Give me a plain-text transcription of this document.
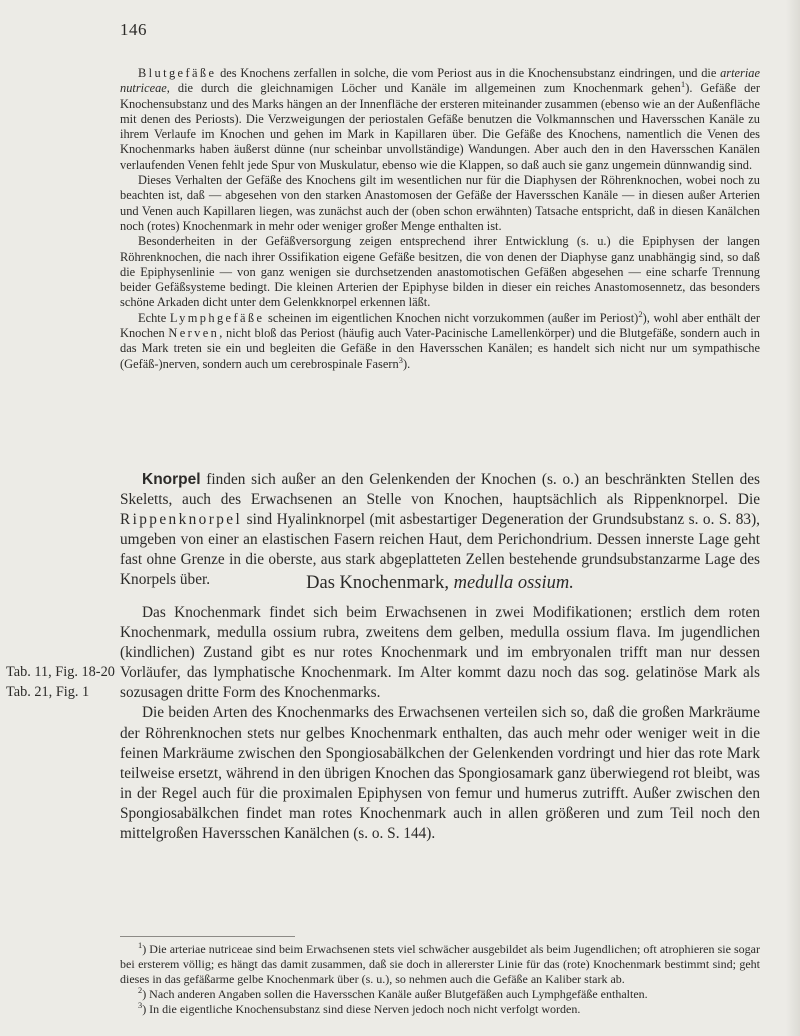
146

Blutgefäße des Knochens zerfallen in solche, die vom Periost aus in die Knochensubstanz eindringen, und die arteriae nutriceae, die durch die gleichnamigen Löcher und Kanäle im allgemeinen zum Knochenmark gehen$^1$). Gefäße der Knochensubstanz und des Marks hängen an der Innenfläche der ersteren miteinander zusammen (ebenso wie an der Außenfläche mit denen des Periosts). Die Verzweigungen der periostalen Gefäße benutzen die Volkmannschen und Haversschen Kanäle zu ihrem Verlaufe im Knochen und gehen im Mark in Kapillaren über. Die Gefäße des Knochens, namentlich die Venen des Knochenmarks haben äußerst dünne (nur scheinbar unvollständige) Wandungen. Aber auch den in den Haversschen Kanälen verlaufenden Venen fehlt jede Spur von Muskulatur, ebenso wie die Klappen, so daß auch sie ganz ungemein dünnwandig sind.

Dieses Verhalten der Gefäße des Knochens gilt im wesentlichen nur für die Diaphysen der Röhrenknochen, wobei noch zu beachten ist, daß — abgesehen von den starken Anastomosen der Gefäße der Haversschen Kanäle — in diesen außer Arterien und Venen auch Kapillaren liegen, was zunächst auch der (oben schon erwähnten) Tatsache entspricht, daß in diesen Kanälchen noch (rotes) Knochenmark in mehr oder weniger großer Menge enthalten ist.

Besonderheiten in der Gefäßversorgung zeigen entsprechend ihrer Entwicklung (s. u.) die Epiphysen der langen Röhrenknochen, die nach ihrer Ossifikation eigene Gefäße besitzen, die von denen der Diaphyse ganz unabhängig sind, so daß die Epiphysenlinie — von ganz wenigen sie durchsetzenden anastomotischen Gefäßen abgesehen — eine scharfe Trennung beider Gefäßsysteme bedingt. Die kleinen Arterien der Epiphyse bilden in dieser ein reiches Anastomosennetz, das besonders schöne Arkaden dicht unter dem Gelenkknorpel erkennen läßt.

Echte Lymphgefäße scheinen im eigentlichen Knochen nicht vorzukommen (außer im Periost)$^2$), wohl aber enthält der Knochen Nerven, nicht bloß das Periost (häufig auch Vater-Pacinische Lamellenkörper) und die Blutgefäße, sondern auch in das Mark treten sie ein und begleiten die Gefäße in den Haversschen Kanälen; es handelt sich nicht nur um sympathische (Gefäß-)nerven, sondern auch um cerebrospinale Fasern$^3$).

Knorpel finden sich außer an den Gelenkenden der Knochen (s. o.) an beschränkten Stellen des Skeletts, auch des Erwachsenen an Stelle von Knochen, hauptsächlich als Rippenknorpel. Die Rippenknorpel sind Hyalinknorpel (mit asbestartiger Degeneration der Grundsubstanz s. o. S. 83), umgeben von einer an elastischen Fasern reichen Haut, dem Perichondrium. Dessen innerste Lage geht fast ohne Grenze in die oberste, aus stark abgeplatteten Zellen bestehende grundsubstanzarme Lage des Knorpels über.	Das Knochenmark, medulla ossium.
Tab. 11, Fig. 18-20
Tab. 21, Fig. 1

Das Knochenmark findet sich beim Erwachsenen in zwei Modifikationen; erstlich dem roten Knochenmark, medulla ossium rubra, zweitens dem gelben, medulla ossium flava. Im jugendlichen (kindlichen) Zustand gibt es nur rotes Knochenmark und im embryonalen trifft man nur dessen Vorläufer, das lymphatische Knochenmark. Im Alter kommt dazu noch das sog. gelatinöse Mark als sozusagen dritte Form des Knochenmarks.

Die beiden Arten des Knochenmarks des Erwachsenen verteilen sich so, daß die großen Markräume der Röhrenknochen stets nur gelbes Knochenmark enthalten, das auch mehr oder weniger weit in die feinen Markräume zwischen den Spongiosabälkchen der Gelenkenden vordringt und hier das rote Mark teilweise ersetzt, während in den übrigen Knochen das Spongiosamark ganz überwiegend rot bleibt, was in der Regel auch für die proximalen Epiphysen von femur und humerus zutrifft. Außer zwischen den Spongiosabälkchen findet man rotes Knochenmark auch in allen größeren und zum Teil noch den mittelgroßen Haversschen Kanälchen (s. o. S. 144).

$^1$) Die arteriae nutriceae sind beim Erwachsenen stets viel schwächer ausgebildet als beim Jugendlichen; oft atrophieren sie sogar bei ersterem völlig; es hängt das damit zusammen, daß sie doch in allererster Linie für das (rote) Knochenmark bestimmt sind; geht dieses in das gefäßarme gelbe Knochenmark über (s. u.), so nehmen auch die Gefäße an Kaliber stark ab.

$^2$) Nach anderen Angaben sollen die Haversschen Kanäle außer Blutgefäßen auch Lymphgefäße enthalten.

$^3$) In die eigentliche Knochensubstanz sind diese Nerven jedoch noch nicht verfolgt worden.
